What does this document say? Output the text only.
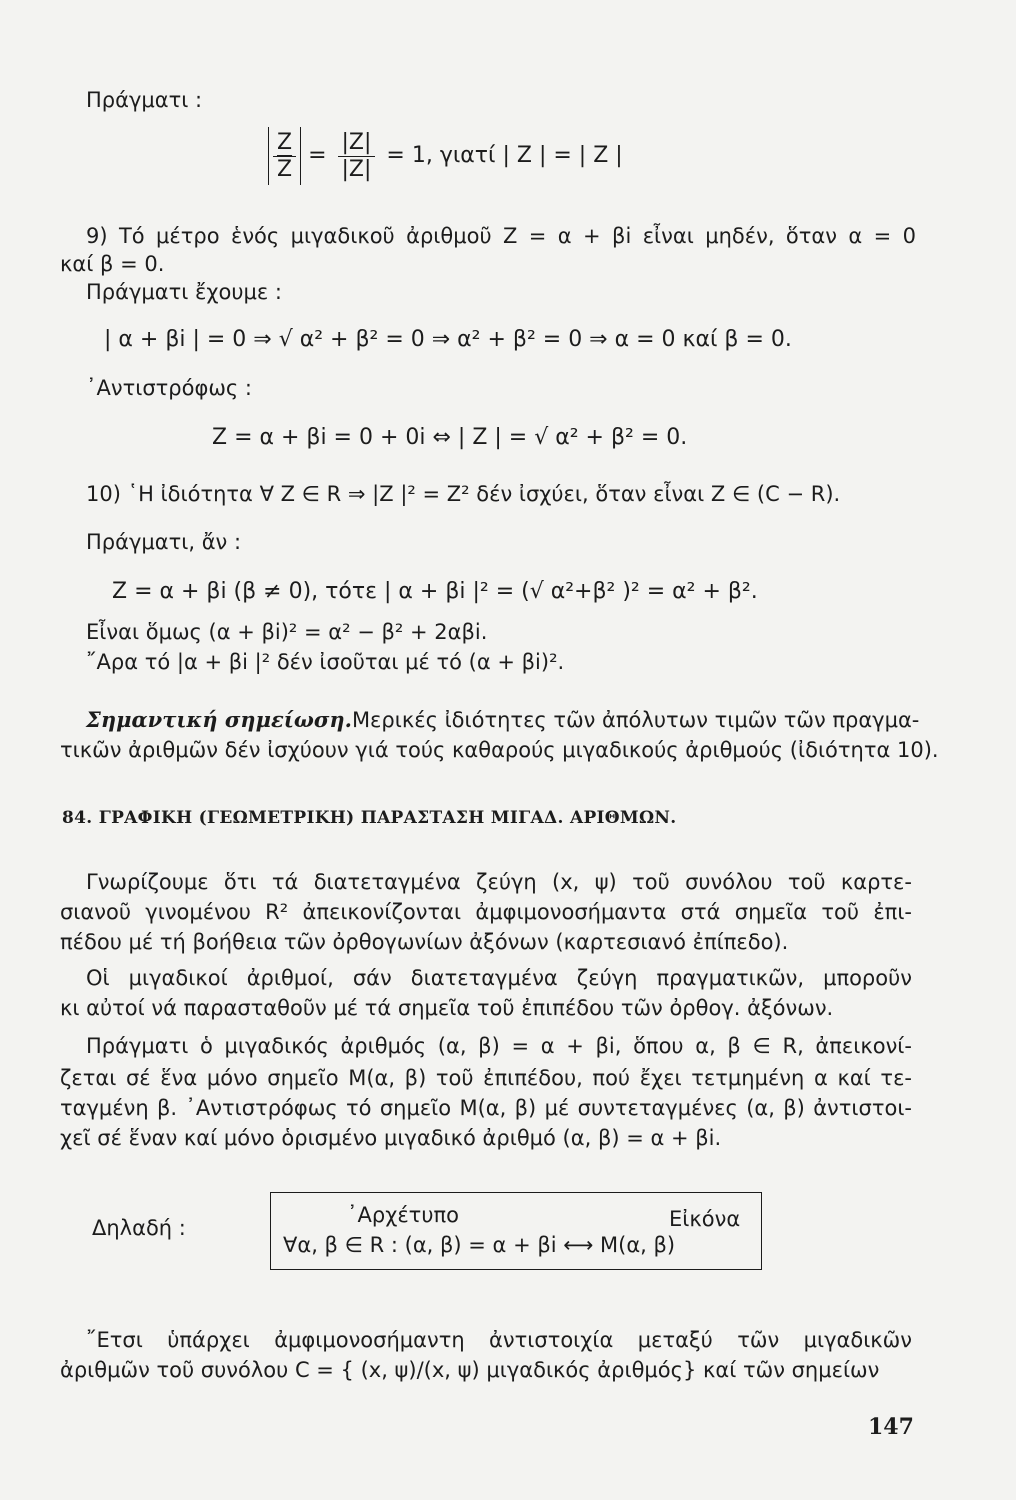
Πράγματι :
$\frac{Z}{Z} = \frac{|Z|}{|Z|} = 1$, γιατί | Z | = | Z |
9) Τό μέτρο ἑνός μιγαδικοῦ ἀριθμοῦ Z = α + βi εἶναι μηδέν, ὅταν α = 0
καί β = 0.
Πράγματι ἔχουμε :
| α + βi | = 0 ⇒ √ α² + β² = 0 ⇒ α² + β² = 0 ⇒ α = 0 καί β = 0.
᾿Αντιστρόφως :
Z = α + βi = 0 + 0i ⇔ | Z | = √ α² + β² = 0.
10) ῾Η ἰδιότητα ∀ Z ∈ R ⇒ |Z |² = Z² δέν ἰσχύει, ὅταν εἶναι Z ∈ (C − R).
Πράγματι, ἄν :
Z = α + βi (β ≠ 0), τότε | α + βi |² = (√ α²+β² )² = α² + β².
Εἶναι ὅμως (α + βi)² = α² − β² + 2αβi.
῎Αρα τό |α + βi |² δέν ἰσοῦται μέ τό (α + βi)².
Σημαντική σημείωση.Μερικές ἰδιότητες τῶν ἀπόλυτων τιμῶν τῶν πραγμα-
τικῶν ἀριθμῶν δέν ἰσχύουν γιά τούς καθαρούς μιγαδικούς ἀριθμούς (ἰδιότητα 10).
84. ΓΡΑΦΙΚΗ (ΓΕΩΜΕΤΡΙΚΗ) ΠΑΡΑΣΤΑΣΗ ΜΙΓΑΔ. ΑΡΙΘΜΩΝ.
Γνωρίζουμε ὅτι τά διατεταγμένα ζεύγη (x, ψ) τοῦ συνόλου τοῦ καρτε-
σιανοῦ γινομένου R² ἀπεικονίζονται ἀμφιμονοσήμαντα στά σημεῖα τοῦ ἐπι-
πέδου μέ τή βοήθεια τῶν ὀρθογωνίων ἀξόνων (καρτεσιανό ἐπίπεδο).
Οἱ μιγαδικοί ἀριθμοί, σάν διατεταγμένα ζεύγη πραγματικῶν, μποροῦν
κι αὐτοί νά παρασταθοῦν μέ τά σημεῖα τοῦ ἐπιπέδου τῶν ὀρθογ. ἀξόνων.
Πράγματι ὁ μιγαδικός ἀριθμός (α, β) = α + βi, ὅπου α, β ∈ R, ἀπεικονί-
ζεται σέ ἕνα μόνο σημεῖο Μ(α, β) τοῦ ἐπιπέδου, πού ἔχει τετμημένη α καί τε-
ταγμένη β. ᾿Αντιστρόφως τό σημεῖο Μ(α, β) μέ συντεταγμένες (α, β) ἀντιστοι-
χεῖ σέ ἕναν καί μόνο ὁρισμένο μιγαδικό ἀριθμό (α, β) = α + βi.
Δηλαδή :
᾿Αρχέτυπο	Εἰκόνα
∀α, β ∈ R : (α, β) = α + βi ⟷ Μ(α, β)
῎Ετσι ὑπάρχει ἀμφιμονοσήμαντη ἀντιστοιχία μεταξύ τῶν μιγαδικῶν
ἀριθμῶν τοῦ συνόλου C = { (x, ψ)/(x, ψ) μιγαδικός ἀριθμός} καί τῶν σημείων
147
